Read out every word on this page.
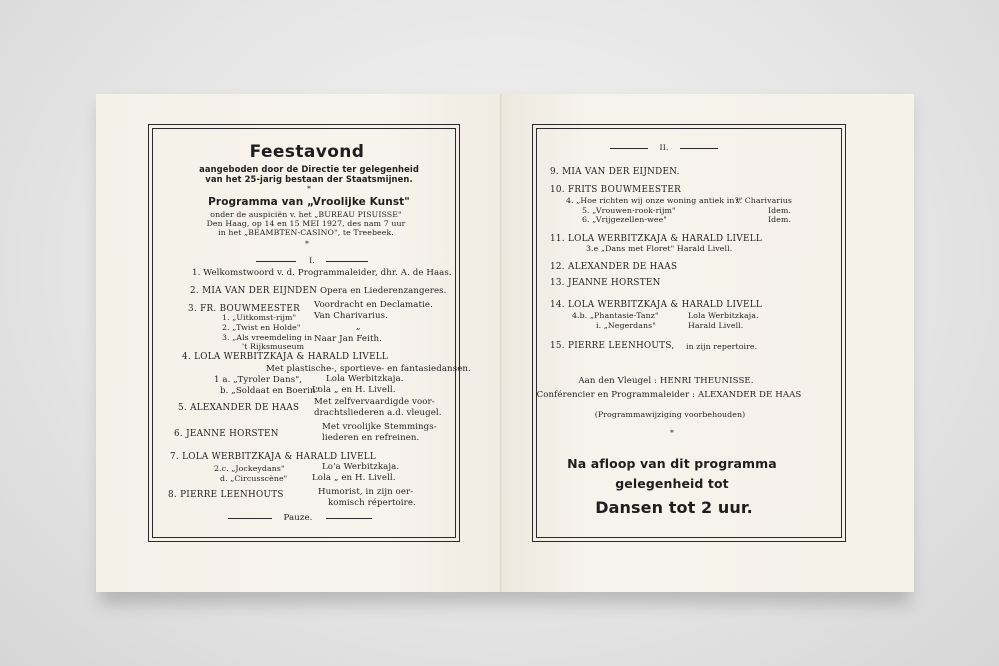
Feestavond
aangeboden door de Directie ter gelegenheid
van het 25-jarig bestaan der Staatsmijnen.
*
Programma van „Vroolijke Kunst"
onder de auspiciën v. het „BUREAU PISUISSE"
Den Haag, op 14 en 15 MEI 1927, des nam 7 uur
in het „BEAMBTEN-CASINO", te Treebeek.
*
I.
1. Welkomstwoord v. d. Programmaleider, dhr. A. de Haas.
2. MIA VAN DER EIJNDEN Opera en Liederenzangeres.
3. FR. BOUWMEESTER Voordracht en Declamatie.
1. „Uitkomst-rijm" Van Charivarius.
2. „Twist en Holde"	„
3. „Als vreemdeling in Naar Jan Feith.
't Rijksmuseum
4. LOLA WERBITZKAJA & HARALD LIVELL
Met plastische-, sportieve- en fantasiedansen.
1 a. „Tyroler Dans",	Lola Werbitzkaja.
b. „Soldaat en Boerin"
Lola „ en H. Livell.
5. ALEXANDER DE HAAS
Met zelfvervaardigde voor-
drachtsliederen a.d. vleugel.
6. JEANNE HORSTEN
Met vroolijke Stemmings-
liederen en refreinen.
7. LOLA WERBITZKAJA & HARALD LIVELL
2.c. „Jockeydans"	Lo'a Werbitzkaja.
d. „Circusscène"	Lola „ en H. Livell.
8. PIERRE LEENHOUTS	Humorist, in zijn oer-
komisch répertoire.
Pauze.
II.
9. MIA VAN DER EIJNDEN.
10. FRITS BOUWMEESTER
4. „Hoe richten wij onze woning antiek in?"
v. Charivarius
5. „Vrouwen-rook-rijm"	Idem.
6. „Vrijgezellen-wee"	Idem.
11. LOLA WERBITZKAJA & HARALD LIVELL
3.e „Dans met Floret" Harald Livell.
12. ALEXANDER DE HAAS
13. JEANNE HORSTEN
14. LOLA WERBITZKAJA & HARALD LIVELL
4.b. „Phantasie-Tanz"	Lola Werbitzkaja.
i. „Negerdans"	Harald Livell.
15. PIERRE LEENHOUTS, in zijn repertoire.
Aan den Vleugel : HENRI THEUNISSE.
Conférencier en Programmaleider : ALEXANDER DE HAAS
(Programmawijziging voorbehouden)
*
Na afloop van dit programma
gelegenheid tot
Dansen tot 2 uur.
